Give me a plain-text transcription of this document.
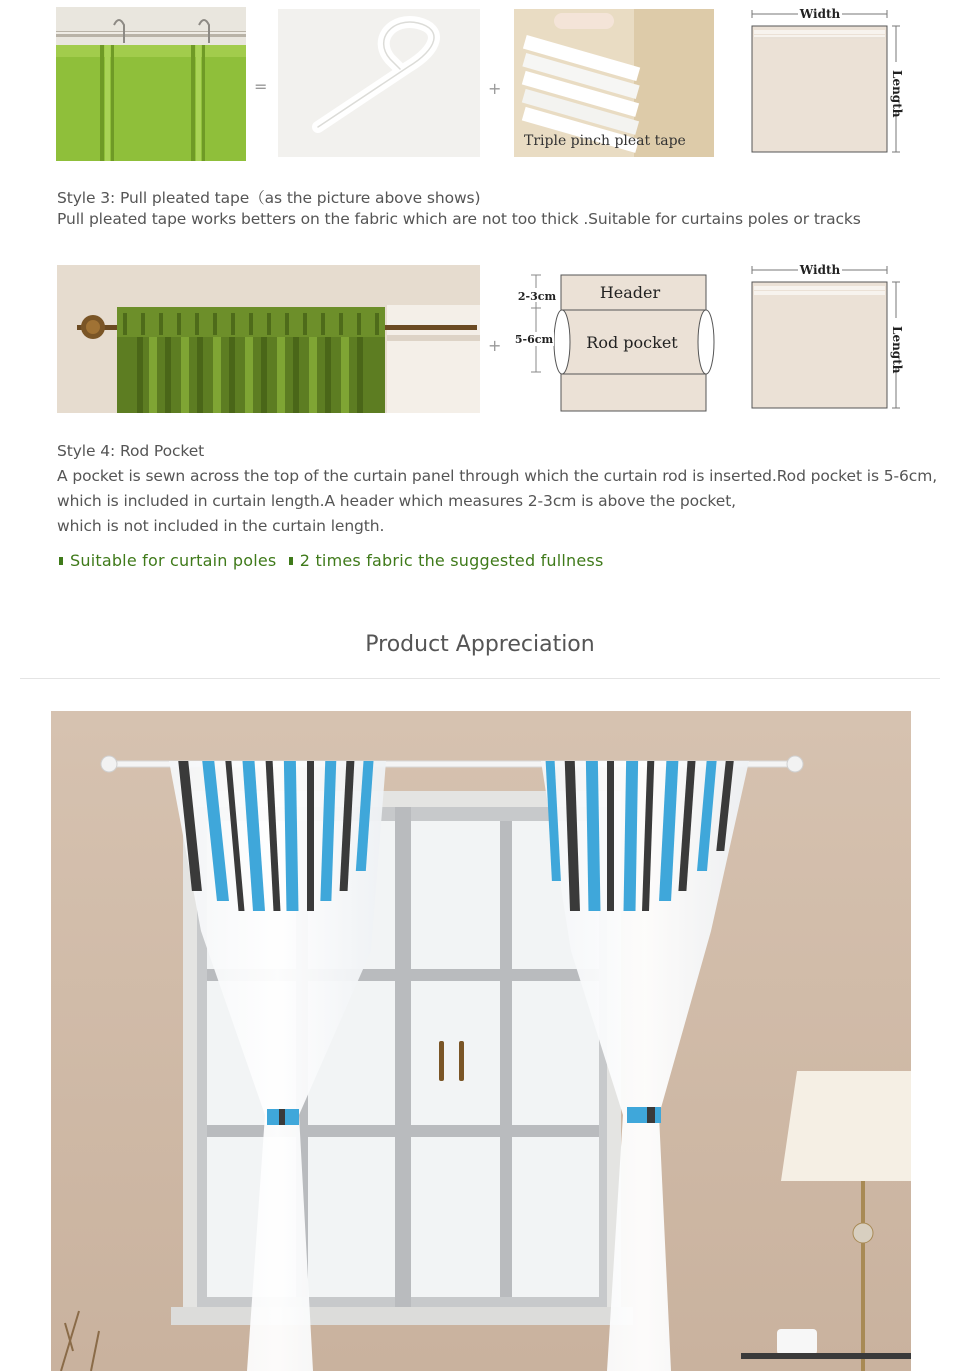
=	+
Triple pinch pleat tape
Width
Length
Style 3: Pull pleated tape（as the picture above shows)
Pull pleated tape works betters on the fabric which are not too thick .Suitable for curtains poles or tracks
+
Header
Rod pocket
2-3cm
5-6cm
Width
Length
Style 4: Rod Pocket
A pocket is sewn across the top of the curtain panel through which the curtain rod is inserted.Rod pocket is 5-6cm,
which is included in curtain length.A header which measures 2-3cm is above the pocket,
which is not included in the curtain length.
Suitable for curtain poles 2 times fabric the suggested fullness
Product Appreciation
